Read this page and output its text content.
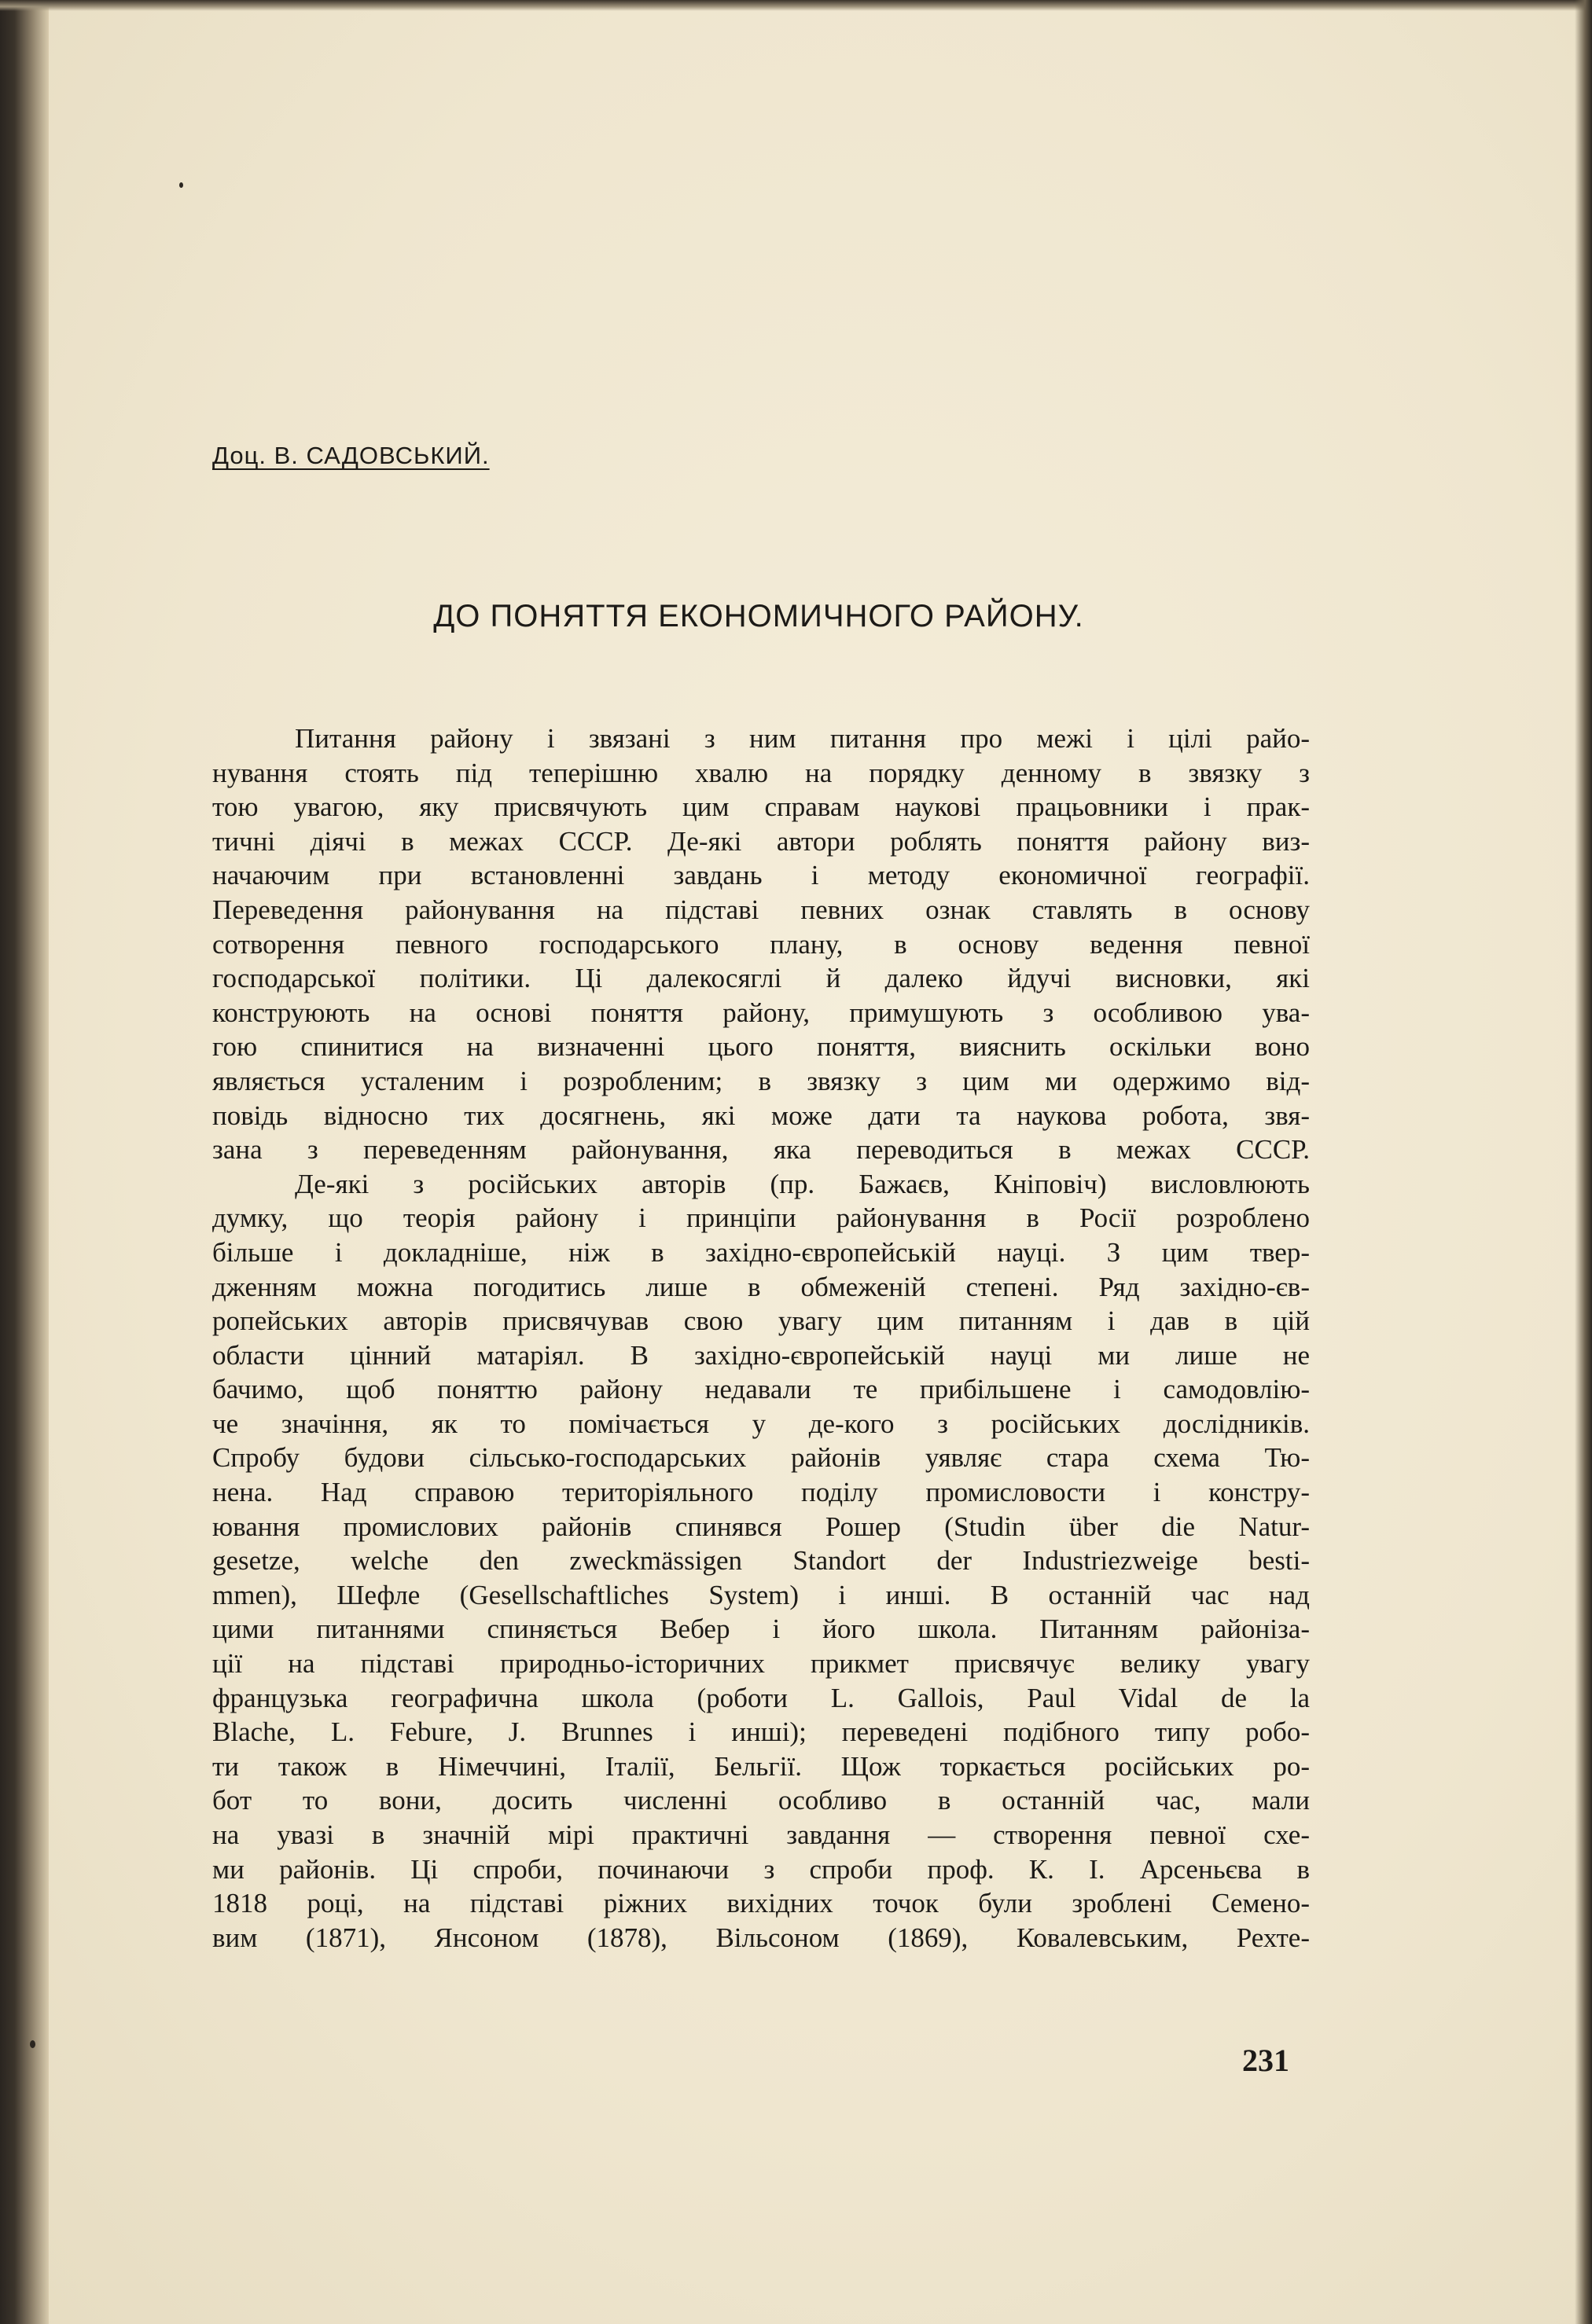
Доц. В. САДОВСЬКИЙ.
ДО ПОНЯТТЯ ЕКОНОМИЧНОГО РАЙОНУ.
Питання району і звязані з ним питання про межі і цілі райо-
нування стоять під теперішню хвалю на порядку денному в звязку з
тою увагою, яку присвячують цим справам наукові працьовники і прак-
тичні діячі в межах СССР. Де-які автори роблять поняття району виз-
начаючим при встановленні завдань і методу економичної географії.
Переведення районування на підставі певних ознак ставлять в основу
сотворення певного господарського плану, в основу ведення певної
господарської політики. Ці далекосяглі й далеко йдучі висновки, які
конструюють на основі поняття району, примушують з особливою ува-
гою спинитися на визначенні цього поняття, вияснить оскільки воно
являється усталеним і розробленим; в звязку з цим ми одержимо від-
повідь відносно тих досягнень, які може дати та наукова робота, звя-
зана з переведенням районування, яка переводиться в межах СССР.
Де-які з російських авторів (пр. Бажаєв, Кніповіч) висловлюють
думку, що теорія району і принціпи районування в Росії розроблено
більше і докладніше, ніж в західно-європейській науці. З цим твер-
дженням можна погодитись лише в обмеженій степені. Ряд західно-єв-
ропейських авторів присвячував свою увагу цим питанням і дав в цій
области цінний матаріял. В західно-європейській науці ми лише не
бачимо, щоб поняттю району недавали те прибільшене і самодовлію-
че значіння, як то помічається у де-кого з російських дослідників.
Спробу будови сільсько-господарських районів уявляє стара схема Тю-
нена. Над справою територіяльного поділу промисловости і констру-
ювання промислових районів спинявся Рошер (Studin über die Natur-
gesetze, welche den zweckmässigen Standort der Industriezweige besti-
mmen), Шефле (Gesellschaftliches System) і инші. В останній час над
цими питаннями спиняється Вебер і його школа. Питанням районіза-
ції на підставі природньо-історичних прикмет присвячує велику увагу
французька географична школа (роботи L. Gallois, Paul Vidal de la
Blache, L. Febure, J. Brunnes і инші); переведені подібного типу робо-
ти також в Німеччині, Італії, Бельгії. Щож торкається російських ро-
бот то вони, досить численні особливо в останній час, мали
на увазі в значній мірі практичні завдання — створення певної схе-
ми районів. Ці спроби, починаючи з спроби проф. К. І. Арсеньєва в
1818 році, на підставі ріжних вихідних точок були зроблені Семено-
вим (1871), Янсоном (1878), Вільсоном (1869), Ковалевським, Рехте-
231
